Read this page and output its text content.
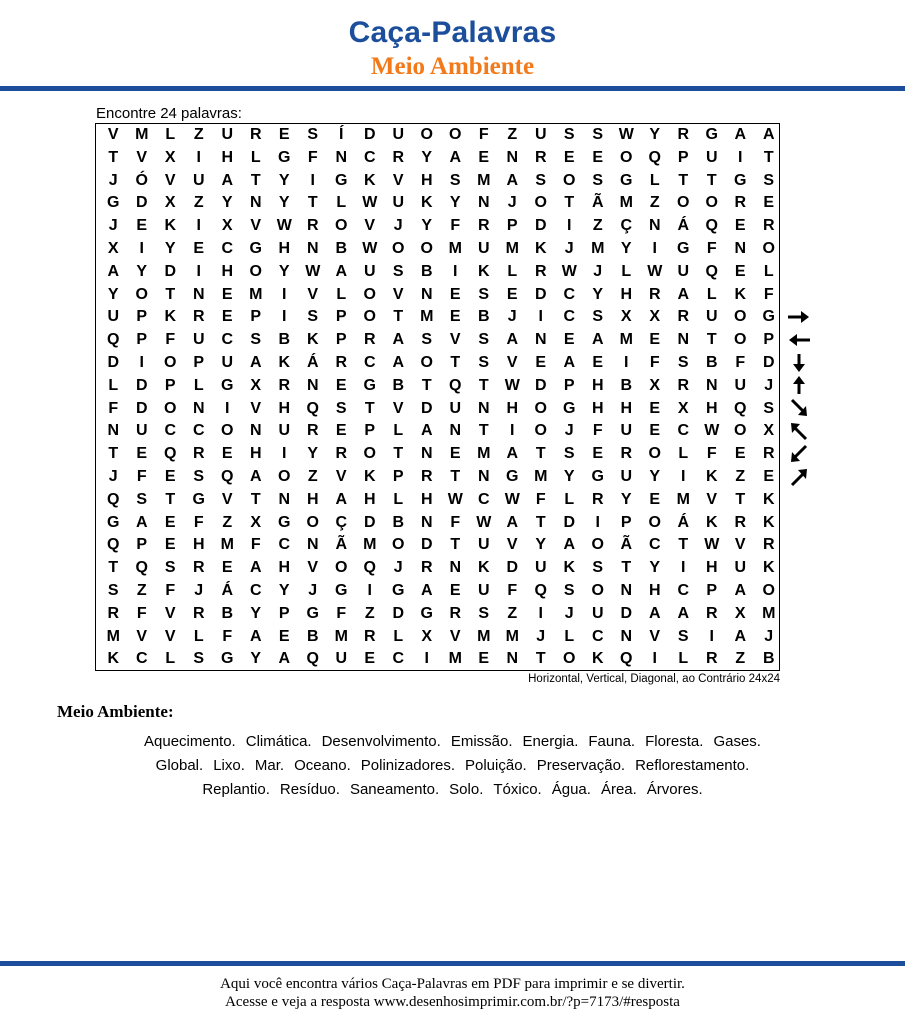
Caça-Palavras
Meio Ambiente
Encontre 24 palavras:
V	M	L	Z	U	R	E	S	Í	D	U	O	O	F	Z	U	S	S W Y	R	G	A	A
T	V	X	I	H	L	G	F	N	C	R	Y	A	E	N	R	E	E	O	Q	P	U	I	T
J	Ó	V	U	A	T	Y	I	G	K	V	H	S	M	A	S	O	S	G	L	T	T	G	S
G	D	X	Z	Y	N	Y	T	L	W U	K	Y	N	J	O	T	Ã	M	Z	O	O	R	E
J	E	K	I	X	V W R	O	V	J	Y	F	R	P	D	I	Z	Ç	N	Á	Q	E	R
X	I	Y	E	C	G	H	N	B W O	O M	U	M	K	J	M	Y	I	G	F	N	O
A	Y	D	I	H	O	Y W A	U	S	B	I	K	L	R W	J	L	W U	Q	E	L
Y	O	T	N	E	M	I	V	L	O	V	N	E	S	E	D	C	Y	H	R	A	L	K	F
U	P	K	R	E	P	I	S	P	O	T	M	E	B	J	I	C	S	X	X	R	U	O	G
Q	P	F	U	C	S	B	K	P	R	A	S	V	S	A	N	E	A	M	E	N	T	O	P
D	I	O	P	U	A	K	Á	R	C	A	O	T	S	V	E	A	E	I	F	S	B	F	D
L	D	P	L	G	X	R	N	E	G	B	T	Q	T	W D	P	H	B	X	R	N	U	J
F	D	O	N	I	V	H	Q	S	T	V	D	U	N	H	O	G	H	H	E	X	H	Q	S
N	U	C	C	O	N	U	R	E	P	L	A	N	T	I	O	J	F	U	E	C W O	X
T	E	Q	R	E	H	I	Y	R	O	T	N	E	M	A	T	S	E	R	O	L	F	E	R
J	F	E	S	Q	A	O	Z	V	K	P	R	T	N	G M	Y	G	U	Y	I	K	Z	E
Q	S	T	G	V	T	N	H	A	H	L	H W C W	F	L	R	Y	E	M	V	T	K
G	A	E	F	Z	X	G	O	Ç	D	B	N	F	W A	T	D	I	P	O	Á	K	R	K
Q	P	E	H	M	F	C	N	Ã	M O	D	T	U	V	Y	A	O	Ã	C	T	W V	R
T	Q	S	R	E	A	H	V	O	Q	J	R	N	K	D	U	K	S	T	Y	I	H	U	K
S	Z	F	J	Á	C	Y	J	G	I	G	A	E	U	F	Q	S	O	N	H	C	P	A	O
R	F	V	R	B	Y	P	G	F	Z	D	G	R	S	Z	I	J	U	D	A	A	R	X	M
M	V	V	L	F	A	E	B	M	R	L	X	V	M M	J	L	C	N	V	S	I	A	J
K	C	L	S	G	Y	A	Q	U	E	C	I	M	E	N	T	O	K	Q	I	L	R	Z	B
Horizontal, Vertical, Diagonal, ao Contrário 24x24
Meio Ambiente:
Aquecimento. Climática. Desenvolvimento. Emissão. Energia. Fauna. Floresta. Gases.
Global. Lixo. Mar. Oceano. Polinizadores. Poluição. Preservação. Reflorestamento.
Replantio. Resíduo. Saneamento. Solo. Tóxico. Água. Área. Árvores.
Aqui você encontra vários Caça-Palavras em PDF para imprimir e se divertir.
Acesse e veja a resposta www.desenhosimprimir.com.br/?p=7173/#resposta
